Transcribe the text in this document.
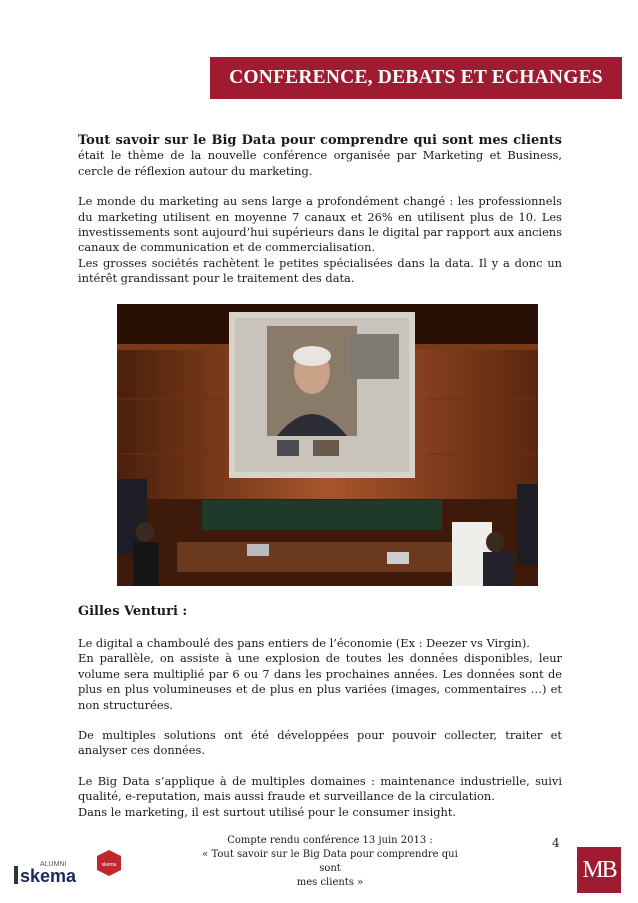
CONFERENCE, DEBATS ET ECHANGES

Tout savoir sur le Big Data pour comprendre qui sont mes clients était le thème de la nouvelle conférence organisée par Marketing et Business, cercle de réflexion autour du marketing.

Le monde du marketing au sens large a profondément changé : les professionnels du marketing utilisent en moyenne 7 canaux et 26% en utilisent plus de 10. Les investissements sont aujourd’hui supérieurs dans le digital par rapport aux anciens canaux de communication et de commercialisation.

Les grosses sociétés rachètent le petites spécialisées dans la data. Il y a donc un intérêt grandissant pour le traitement des data.

Gilles Venturi :

Le digital a chamboulé des pans entiers de l’économie (Ex : Deezer vs Virgin).

En parallèle, on assiste à une explosion de toutes les données disponibles, leur volume sera multiplié par 6 ou 7 dans les prochaines années. Les données sont de plus en plus volumineuses et de plus en plus variées (images, commentaires …) et non structurées.

De multiples solutions ont été développées pour pouvoir collecter, traiter et analyser ces données.

Le Big Data s’applique à de multiples domaines : maintenance industrielle, suivi qualité, e-reputation, mais aussi fraude et surveillance de la circulation.

Dans le marketing, il est surtout utilisé pour le consumer insight.

Compte rendu conférence 13 juin 2013 :
« Tout savoir sur le Big Data pour comprendre qui sont
mes clients »
4
skema
ALUMNI	skema	MB
